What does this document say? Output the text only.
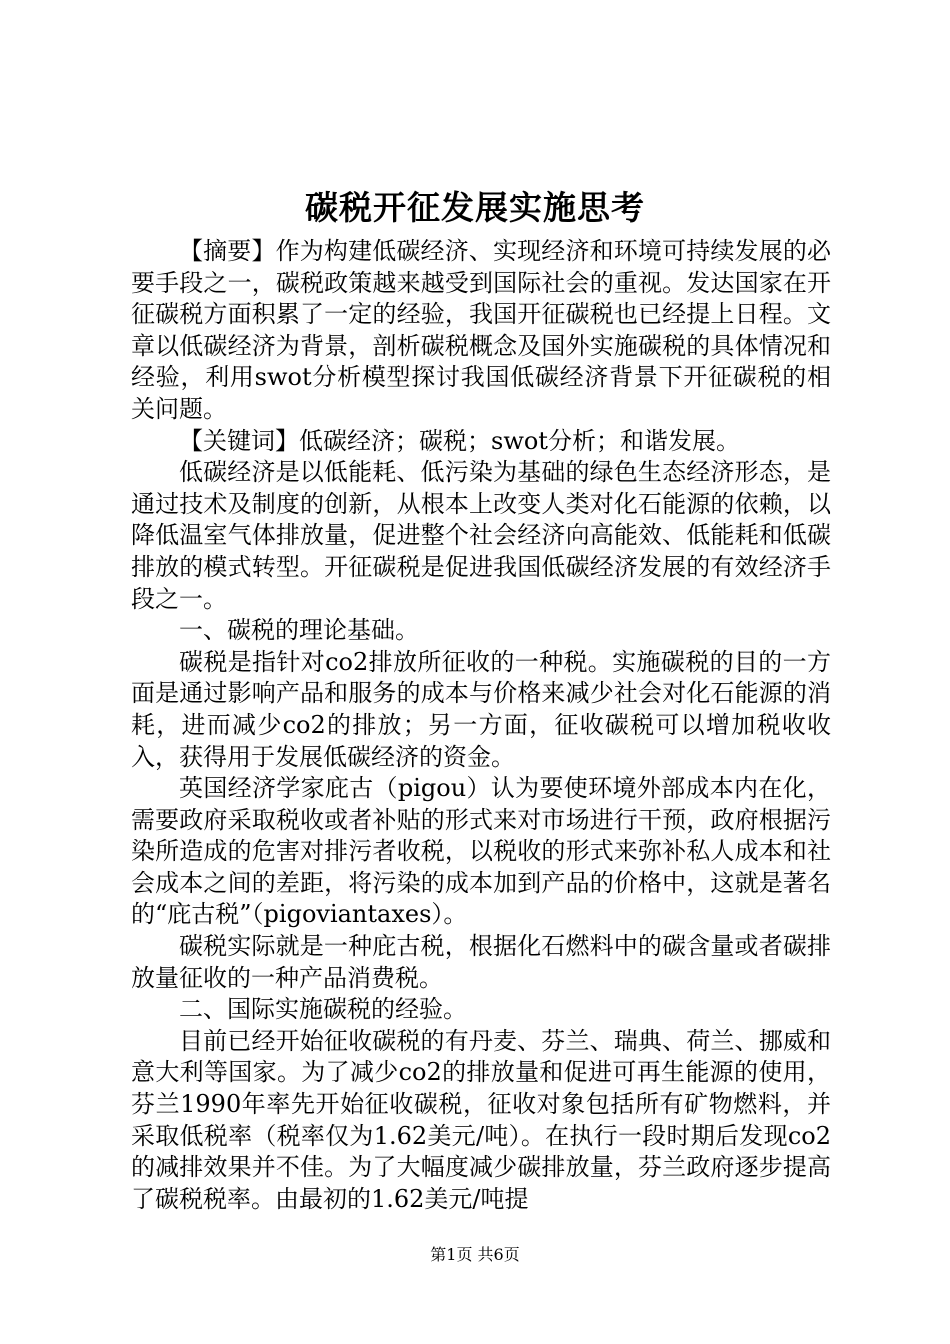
碳税开征发展实施思考

【摘要】作为构建低碳经济、实现经济和环境可持续发展的必要手段之一，碳税政策越来越受到国际社会的重视。发达国家在开征碳税方面积累了一定的经验，我国开征碳税也已经提上日程。文章以低碳经济为背景，剖析碳税概念及国外实施碳税的具体情况和经验，利用swot分析模型探讨我国低碳经济背景下开征碳税的相关问题。

【关键词】低碳经济；碳税；swot分析；和谐发展。

低碳经济是以低能耗、低污染为基础的绿色生态经济形态，是通过技术及制度的创新，从根本上改变人类对化石能源的依赖，以降低温室气体排放量，促进整个社会经济向高能效、低能耗和低碳排放的模式转型。开征碳税是促进我国低碳经济发展的有效经济手段之一。

一、碳税的理论基础。

碳税是指针对co2排放所征收的一种税。实施碳税的目的一方面是通过影响产品和服务的成本与价格来减少社会对化石能源的消耗，进而减少co2的排放；另一方面，征收碳税可以增加税收收入，获得用于发展低碳经济的资金。

英国经济学家庇古（pigou）认为要使环境外部成本内在化，需要政府采取税收或者补贴的形式来对市场进行干预，政府根据污染所造成的危害对排污者收税，以税收的形式来弥补私人成本和社会成本之间的差距，将污染的成本加到产品的价格中，这就是著名的“庇古税”（pigoviantaxes）。

碳税实际就是一种庇古税，根据化石燃料中的碳含量或者碳排放量征收的一种产品消费税。

二、国际实施碳税的经验。

目前已经开始征收碳税的有丹麦、芬兰、瑞典、荷兰、挪威和意大利等国家。为了减少co2的排放量和促进可再生能源的使用，芬兰1990年率先开始征收碳税，征收对象包括所有矿物燃料，并采取低税率（税率仅为1.62美元/吨）。在执行一段时期后发现co2的减排效果并不佳。为了大幅度减少碳排放量，芬兰政府逐步提高了碳税税率。由最初的1.62美元/吨提

第1页 共6页
